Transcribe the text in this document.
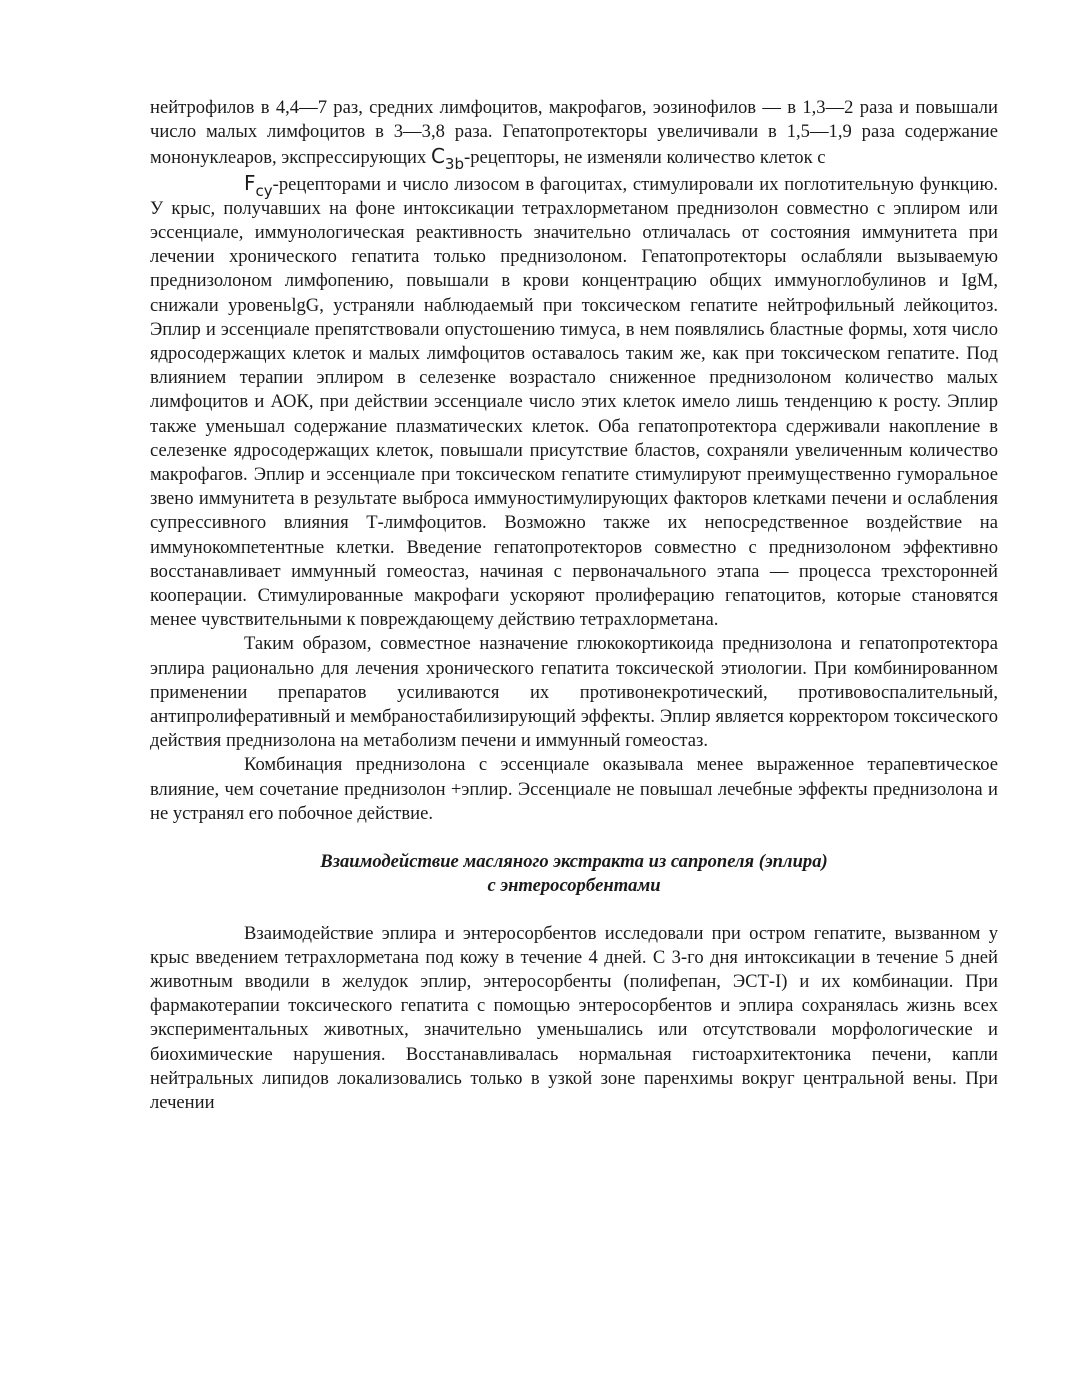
нейтрофилов в 4,4—7 раз, средних лимфоцитов, макрофагов, эозинофилов — в 1,3—2 раза и повышали число малых лимфоцитов в 3—3,8 раза. Гепатопротекторы увеличивали в 1,5—1,9 раза содержание мононуклеаров, экспрессирующих $C_{3b}$-рецепторы, не изменяли количество клеток с

$F_{cy}$-рецепторами и число лизосом в фагоцитах, стимулировали их поглотительную функцию. У крыс, получавших на фоне интоксикации тетрахлорметаном преднизолон совместно с эплиром или эссенциале, иммунологическая реактивность значительно отличалась от состояния иммунитета при лечении хронического гепатита только преднизолоном. Гепатопротекторы ослабляли вызываемую преднизолоном лимфопению, повышали в крови концентрацию общих иммуноглобулинов и IgM, снижали уровеньlgG, устраняли наблюдаемый при токсическом гепатите нейтрофильный лейкоцитоз. Эплир и эссенциале препятствовали опустошению тимуса, в нем появлялись бластные формы, хотя число ядросодержащих клеток и малых лимфоцитов оставалось таким же, как при токсическом гепатите. Под влиянием терапии эплиром в селезенке возрастало сниженное преднизолоном количество малых лимфоцитов и АОК, при действии эссенциале число этих клеток имело лишь тенденцию к росту. Эплир также уменьшал содержание плазматических клеток. Оба гепатопротектора сдерживали накопление в селезенке ядросодержащих клеток, повышали присутствие бластов, сохраняли увеличенным количество макрофагов. Эплир и эссенциале при токсическом гепатите стимулируют преимущественно гуморальное звено иммунитета в результате выброса иммуностимулирующих факторов клетками печени и ослабления супрессивного влияния Т-лимфоцитов. Возможно также их непосредственное воздействие на иммунокомпетентные клетки. Введение гепатопротекторов совместно с преднизолоном эффективно восстанавливает иммунный гомеостаз, начиная с первоначального этапа — процесса трехсторонней кооперации. Стимулированные макрофаги ускоряют пролиферацию гепатоцитов, которые становятся менее чувствительными к повреждающему действию тетрахлорметана.

Таким образом, совместное назначение глюкокортикоида преднизолона и гепатопротектора эплира рационально для лечения хронического гепатита токсической этиологии. При комбинированном применении препаратов усиливаются их противонекротический, противовоспалительный, антипролиферативный и мембраностабилизирующий эффекты. Эплир является корректором токсического действия преднизолона на метаболизм печени и иммунный гомеостаз.

Комбинация преднизолона с эссенциале оказывала менее выраженное терапевтическое влияние, чем сочетание преднизолон +эплир. Эссенциале не повышал лечебные эффекты преднизолона и не устранял его побочное действие.

Взаимодействие масляного экстракта из сапропеля (эплира)
с энтеросорбентами

Взаимодействие эплира и энтеросорбентов исследовали при остром гепатите, вызванном у крыс введением тетрахлорметана под кожу в течение 4 дней. С 3-го дня интоксикации в течение 5 дней животным вводили в желудок эплир, энтеросорбенты (полифепан, ЭСТ-I) и их комбинации. При фармакотерапии токсического гепатита с помощью энтеросорбентов и эплира сохранялась жизнь всех экспериментальных животных, значительно уменьшались или отсутствовали морфологические и биохимические нарушения. Восстанавливалась нормальная гистоархитектоника печени, капли нейтральных липидов локализовались только в узкой зоне паренхимы вокруг центральной вены. При лечении
